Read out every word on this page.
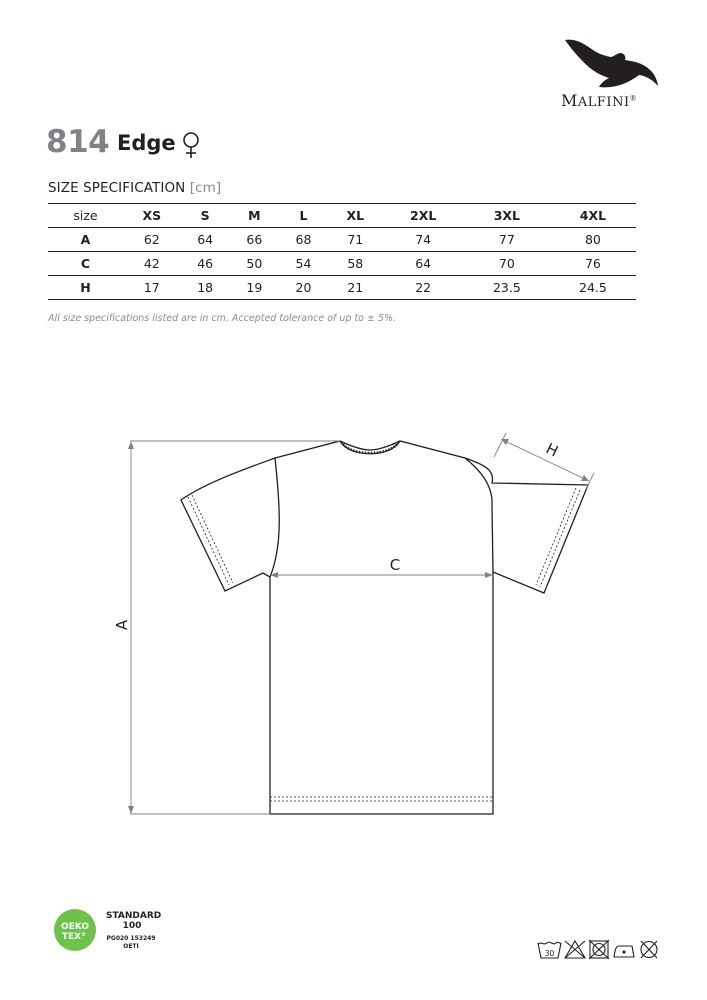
MALFINI®
814 Edge
SIZE SPECIFICATION [cm]
size	XS	S	M	L	XL	2XL	3XL	4XL
A	62	64	66	68	71	74	77	80
C	42	46	50	54	58	64	70	76
H	17	18	19	20	21	22	23.5	24.5
All size specifications listed are in cm. Accepted tolerance of up to ± 5%.
A
C
H
OEKO
TEX®
STANDARD
100
PG020 153249
OETI
30
